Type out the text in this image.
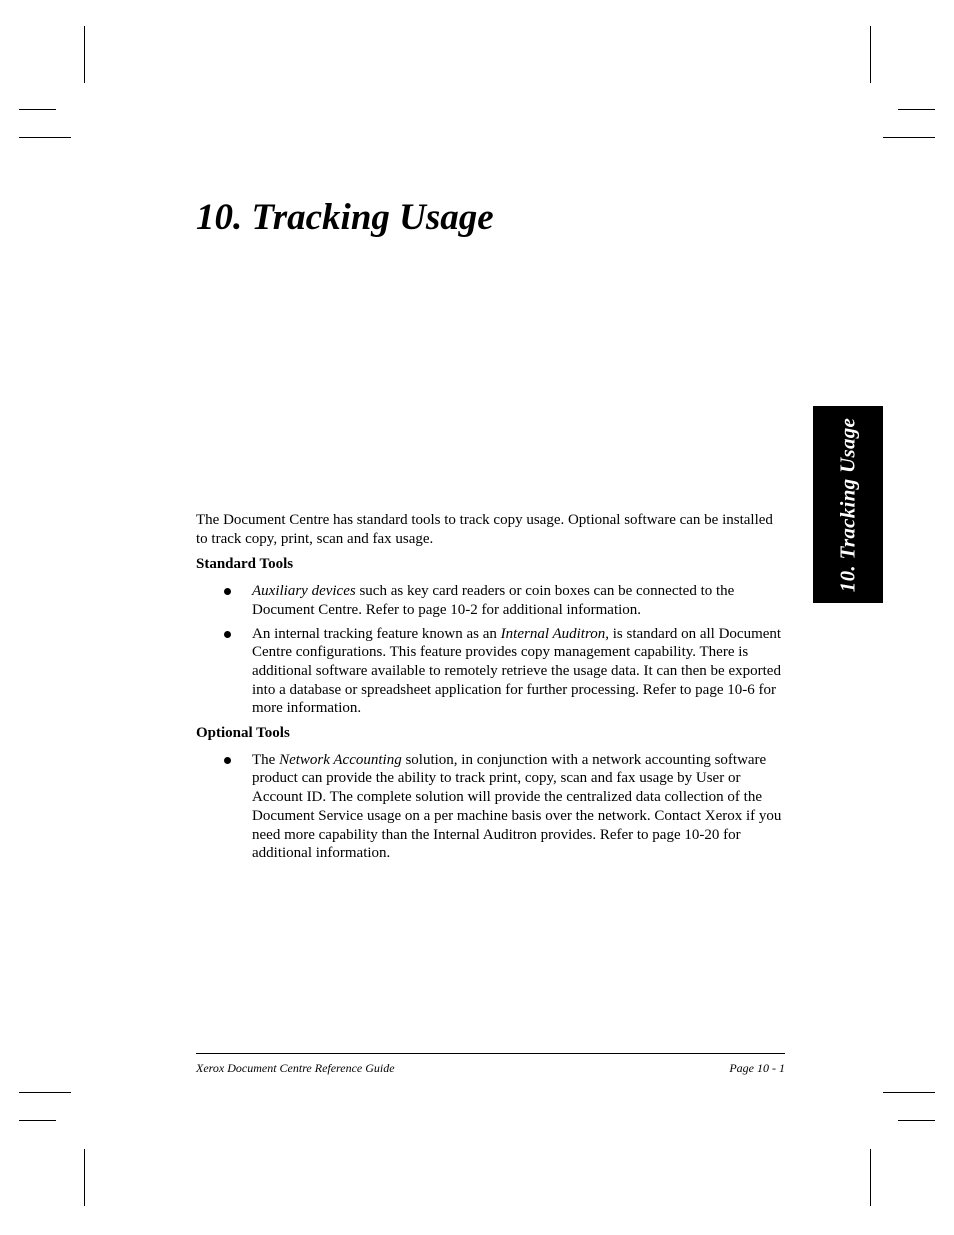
10. Tracking Usage
10. Tracking Usage

The Document Centre has standard tools to track copy usage. Optional software can be installed to track copy, print, scan and fax usage.

Standard Tools

Auxiliary devices such as key card readers or coin boxes can be connected to the Document Centre. Refer to page 10-2 for additional information.
An internal tracking feature known as an Internal Auditron, is standard on all Document Centre configurations. This feature provides copy management capability. There is additional software available to remotely retrieve the usage data. It can then be exported into a database or spreadsheet application for further processing. Refer to page 10-6 for more information.

Optional Tools

The Network Accounting solution, in conjunction with a network accounting software product can provide the ability to track print, copy, scan and fax usage by User or Account ID. The complete solution will provide the centralized data collection of the Document Service usage on a per machine basis over the network. Contact Xerox if you need more capability than the Internal Auditron provides. Refer to page 10-20 for additional information.
Xerox Document Centre Reference Guide	Page 10 - 1
